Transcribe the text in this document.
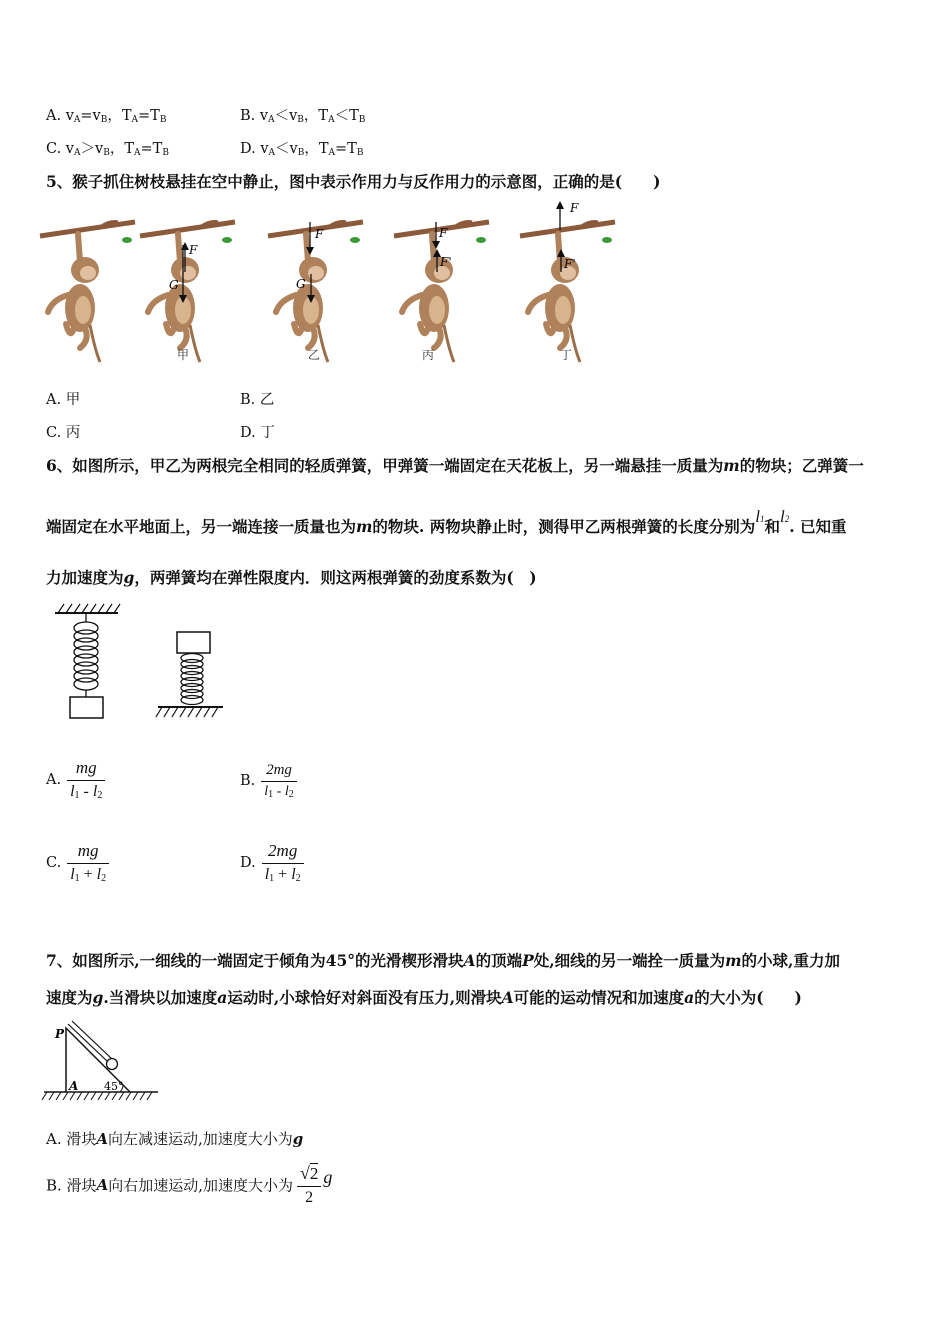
A. $v_A=v_B$，$T_A=T_B$	B. $v_A<v_B$，$T_A<T_B$
C. $v_A>v_B$，$T_A=T_B$	D. $v_A<v_B$，$T_A=T_B$
5、猴子抓住树枝悬挂在空中静止，图中表示作用力与反作用力的示意图，正确的是(　　)
F
G
甲
F
G
乙
F
F'
丙
F
F'
丁
A. 甲	B. 乙
C. 丙	D. 丁
6、如图所示，甲乙为两根完全相同的轻质弹簧，甲弹簧一端固定在天花板上，另一端悬挂一质量为m的物块；乙弹簧一
端固定在水平地面上，另一端连接一质量也为m的物块. 两物块静止时，测得甲乙两根弹簧的长度分别为l1和l2. 已知重
力加速度为g，两弹簧均在弹性限度内．则这两根弹簧的劲度系数为(　)
A. $\frac{mg}{l1 - l2}$	B. $\frac{2mg}{l1 - l2}$
C. $\frac{mg}{l1 + l2}$	D. $\frac{2mg}{l1 + l2}$
7、如图所示,一细线的一端固定于倾角为45°的光滑楔形滑块A的顶端P处,细线的另一端拴一质量为m的小球,重力加
速度为g.当滑块以加速度a运动时,小球恰好对斜面没有压力,则滑块A可能的运动情况和加速度a的大小为(　　)
P
A 45°
A. 滑块A向左减速运动,加速度大小为g
B. 滑块A向右加速运动,加速度大小为 $\frac{√2}{2}$ g
